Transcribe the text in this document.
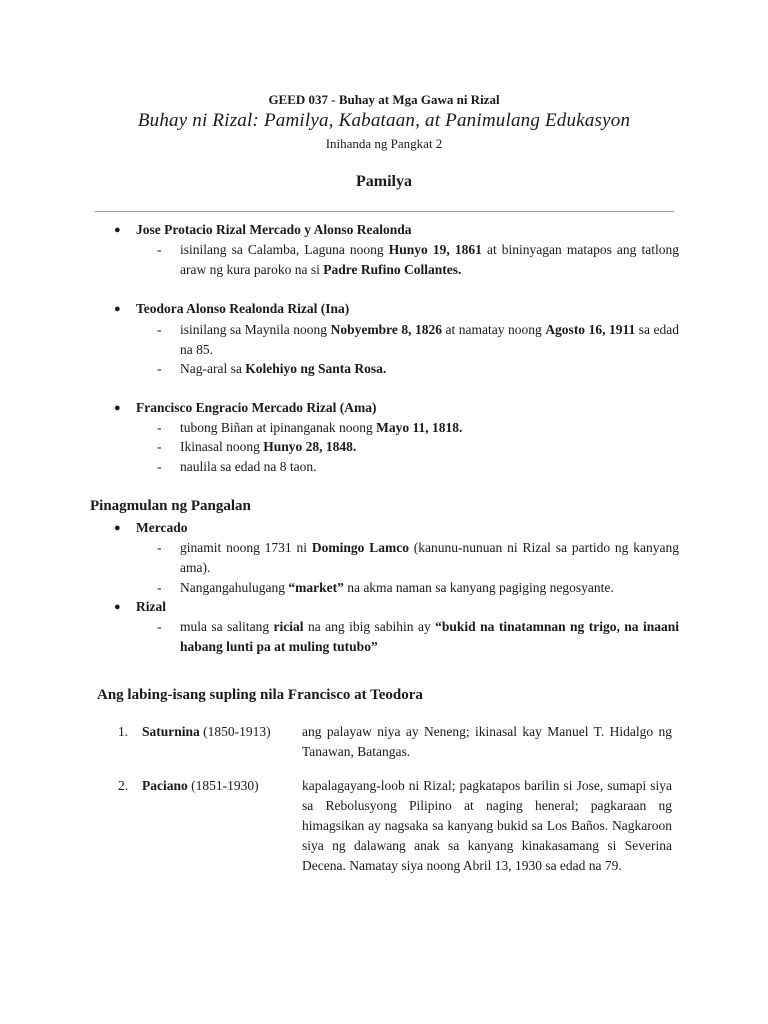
GEED 037 - Buhay at Mga Gawa ni Rizal
Buhay ni Rizal: Pamilya, Kabataan, at Panimulang Edukasyon
Inihanda ng Pangkat 2
Pamilya
● Jose Protacio Rizal Mercado y Alonso Realonda
- isinilang sa Calamba, Laguna noong Hunyo 19, 1861 at bininyagan matapos ang tatlong araw ng kura paroko na si Padre Rufino Collantes.
● Teodora Alonso Realonda Rizal (Ina)
- isinilang sa Maynila noong Nobyembre 8, 1826 at namatay noong Agosto 16, 1911 sa edad na 85.
- Nag-aral sa Kolehiyo ng Santa Rosa.
● Francisco Engracio Mercado Rizal (Ama)
- tubong Biñan at ipinanganak noong Mayo 11, 1818.
- Ikinasal noong Hunyo 28, 1848.
- naulila sa edad na 8 taon.
Pinagmulan ng Pangalan
● Mercado
- ginamit noong 1731 ni Domingo Lamco (kanunu-nunuan ni Rizal sa partido ng kanyang ama).
- Nangangahulugang “market” na akma naman sa kanyang pagiging negosyante.
● Rizal
- mula sa salitang ricial na ang ibig sabihin ay “bukid na tinatamnan ng trigo, na inaani habang lunti pa at muling tutubo”
Ang labing-isang supling nila Francisco at Teodora
1. Saturnina (1850-1913) ang palayaw niya ay Neneng; ikinasal kay Manuel T. Hidalgo ng Tanawan, Batangas.
2. Paciano (1851-1930)	kapalagayang-loob ni Rizal; pagkatapos barilin si Jose, sumapi siya sa Rebolusyong Pilipino at naging heneral; pagkaraan ng himagsikan ay nagsaka sa kanyang bukid sa Los Baños. Nagkaroon siya ng dalawang anak sa kanyang kinakasamang si Severina Decena. Namatay siya noong Abril 13, 1930 sa edad na 79.
